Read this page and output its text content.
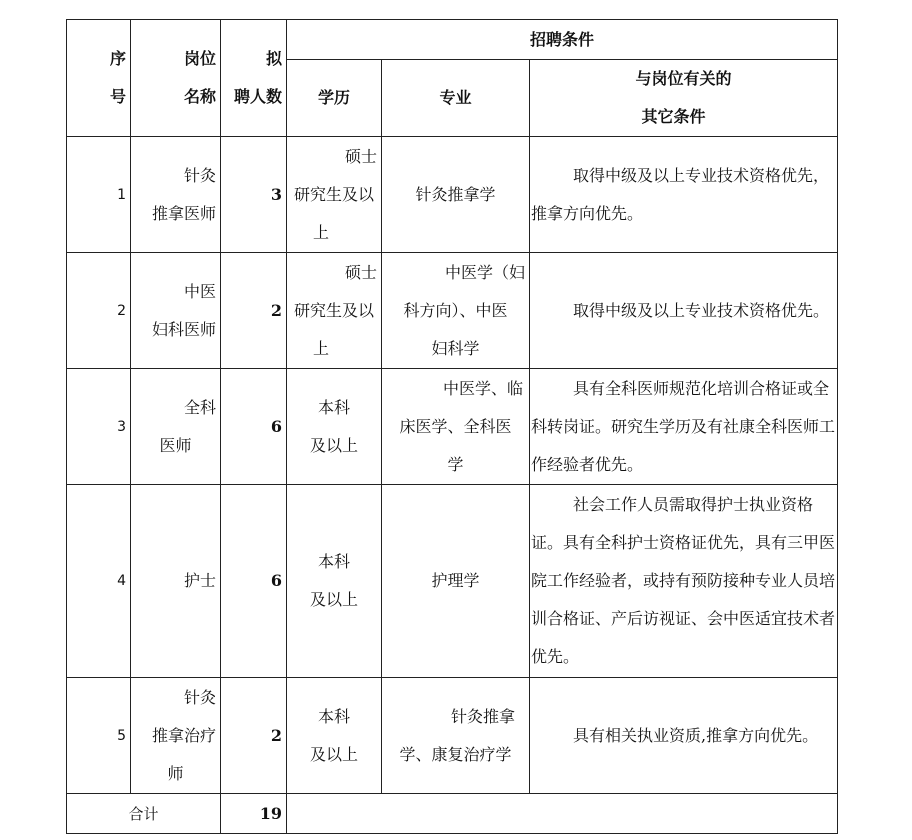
序
号	岗位
名称	拟
聘人数	招聘条件		
			学历	专业	与岗位有关的
其它条件

1	针灸
推拿医师	3	硕士
研究生及以
上	针灸推拿学	取得中级及以上专业技术资格优先，推拿方向优先。

2	中医
妇科医师	2	硕士
研究生及以
上	中医学（妇
科方向）、中医
妇科学	取得中级及以上专业技术资格优先。

3	全科
医师	6	本科
及以上	中医学、临
床医学、全科医
学	具有全科医师规范化培训合格证或全科转岗证。研究生学历及有社康全科医师工作经验者优先。

4	护士	6	本科
及以上	护理学	社会工作人员需取得护士执业资格证。具有全科护士资格证优先，具有三甲医院工作经验者，或持有预防接种专业人员培训合格证、产后访视证、会中医适宜技术者优先。

5	针灸
推拿治疗
师	2	本科
及以上	针灸推拿
学、康复治疗学	具有相关执业资质,推拿方向优先。

合计		19			
